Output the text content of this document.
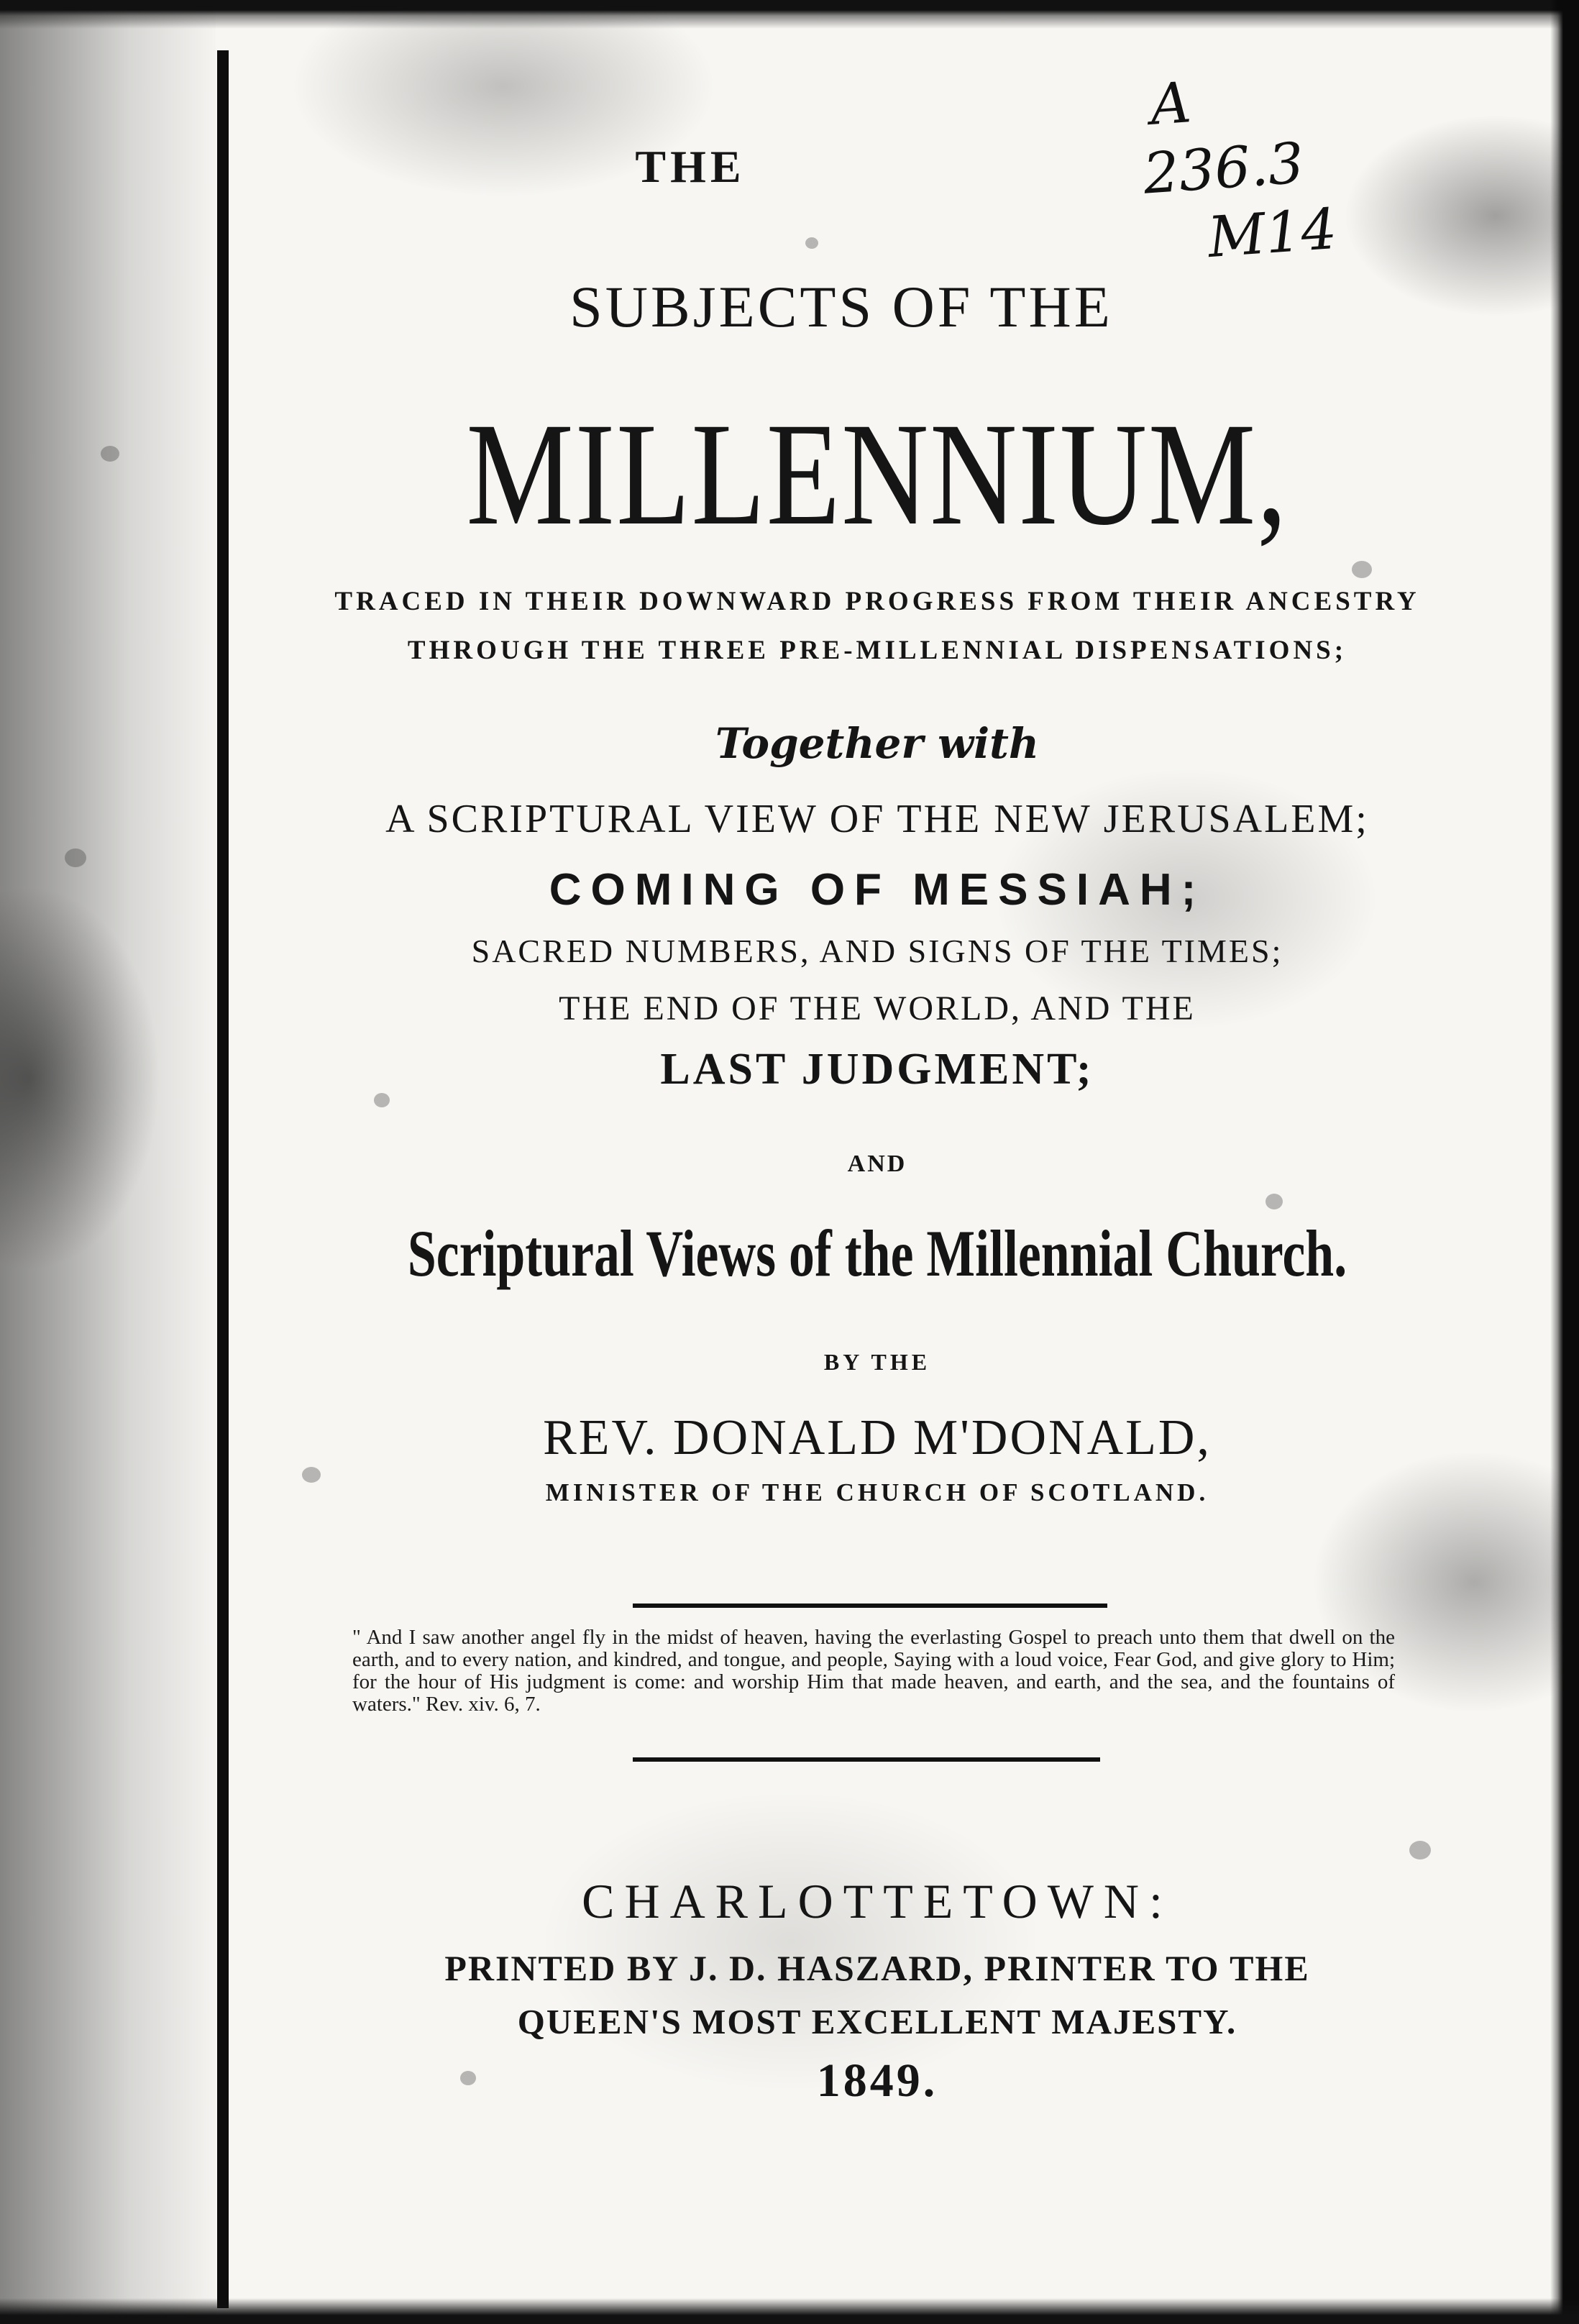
A
236.3
M14
THE
SUBJECTS OF THE
MILLENNIUM,
TRACED IN THEIR DOWNWARD PROGRESS FROM THEIR ANCESTRY
THROUGH THE THREE PRE-MILLENNIAL DISPENSATIONS;
Together with
A SCRIPTURAL VIEW OF THE NEW JERUSALEM;
COMING OF MESSIAH;
SACRED NUMBERS, AND SIGNS OF THE TIMES;
THE END OF THE WORLD, AND THE
LAST JUDGMENT;
AND
Scriptural Views of the Millennial Church.
BY THE
REV. DONALD M'DONALD,
MINISTER OF THE CHURCH OF SCOTLAND.
" And I saw another angel fly in the midst of heaven, having the everlasting Gospel to preach unto them that dwell on the earth, and to every nation, and kindred, and tongue, and people, Saying with a loud voice, Fear God, and give glory to Him; for the hour of His judgment is come: and worship Him that made heaven, and earth, and the sea, and the fountains of waters." Rev. xiv. 6, 7.
CHARLOTTETOWN:
PRINTED BY J. D. HASZARD, PRINTER TO THE
QUEEN'S MOST EXCELLENT MAJESTY.
1849.
